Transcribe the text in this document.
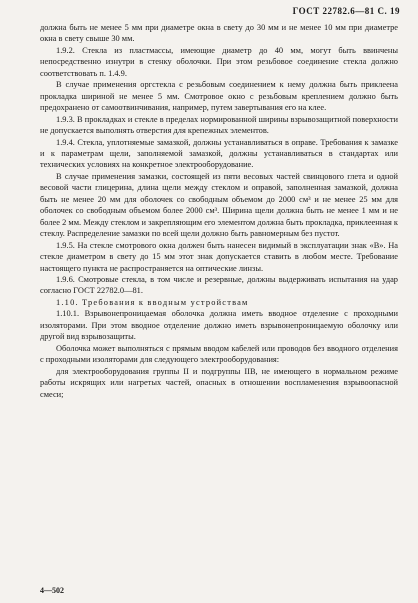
ГОСТ 22782.6—81 С. 19

должна быть не менее 5 мм при диаметре окна в свету до 30 мм и не менее 10 мм при диаметре окна в свету свыше 30 мм.

1.9.2. Стекла из пластмассы, имеющие диаметр до 40 мм, могут быть ввинчены непосредственно изнутри в стенку оболочки. При этом резьбовое соединение стекла должно соответствовать п. 1.4.9.

В случае применения оргстекла с резьбовым соединением к нему должна быть приклеена прокладка шириной не менее 5 мм. Смотровое окно с резьбовым креплением должно быть предохранено от самоотвинчивания, например, путем завертывания его на клее.

1.9.3. В прокладках и стекле в пределах нормированной ширины взрывозащитной поверхности не допускается выполнять отверстия для крепежных элементов.

1.9.4. Стекла, уплотняемые замазкой, должны устанавливаться в оправе. Требования к замазке и к параметрам щели, заполняемой замазкой, должны устанавливаться в стандартах или технических условиях на конкретное электрооборудование.

В случае применения замазки, состоящей из пяти весовых частей свинцового глета и одной весовой части глицерина, длина щели между стеклом и оправой, заполненная замазкой, должна быть не менее 20 мм для оболочек со свободным объемом до 2000 см³ и не менее 25 мм для оболочек со свободным объемом более 2000 см³. Ширина щели должна быть не менее 1 мм и не более 2 мм. Между стеклом и закрепляющим его элементом должна быть прокладка, приклеенная к стеклу. Распределение замазки по всей щели должно быть равномерным без пустот.

1.9.5. На стекле смотрового окна должен быть нанесен видимый в эксплуатации знак «В». На стекле диаметром в свету до 15 мм этот знак допускается ставить в любом месте. Требование настоящего пункта не распространяется на оптические линзы.

1.9.6. Смотровые стекла, в том числе и резервные, должны выдерживать испытания на удар согласно ГОСТ 22782.0—81.

1.10. Требования к вводным устройствам

1.10.1. Взрывонепроницаемая оболочка должна иметь вводное отделение с проходными изоляторами. При этом вводное отделение должно иметь взрывонепроницаемую оболочку или другой вид взрывозащиты.

Оболочка может выполняться с прямым вводом кабелей или проводов без вводного отделения с проходными изоляторами для следующего электрооборудования:

для электрооборудования группы II и подгруппы IIВ, не имеющего в нормальном режиме работы искрящих или нагретых частей, опасных в отношении воспламенения взрывоопасной смеси;

4—502
